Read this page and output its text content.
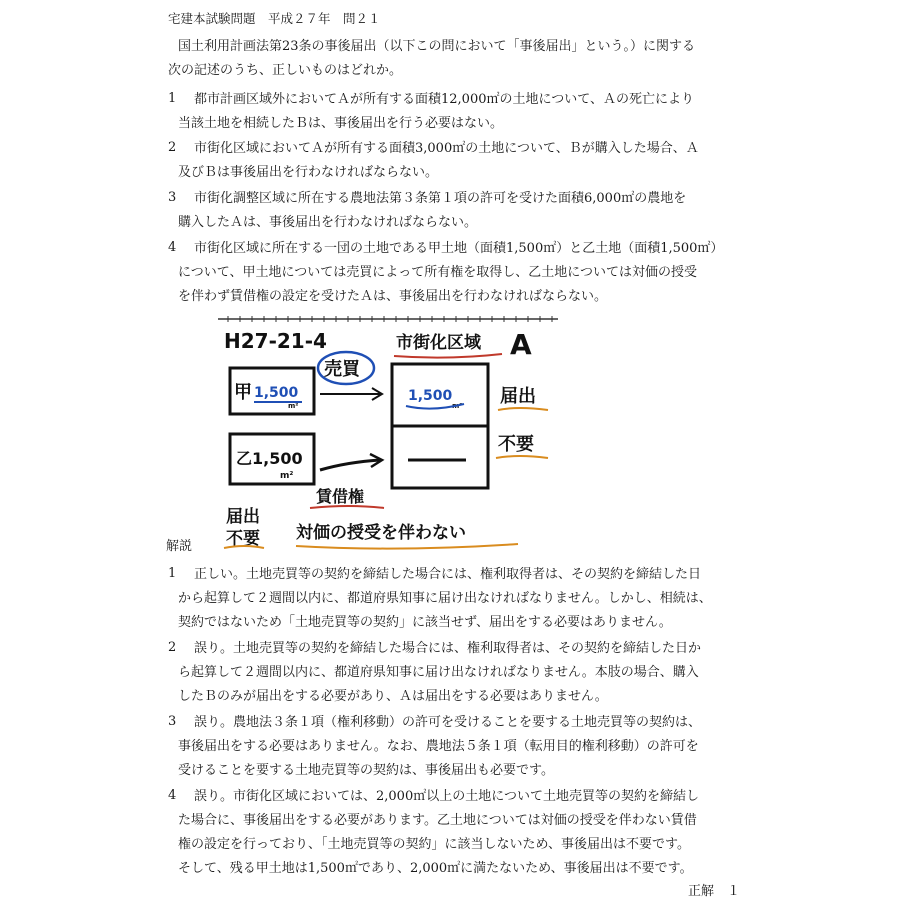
宅建本試験問題　平成２７年　問２１
国土利用計画法第23条の事後届出（以下この問において「事後届出」という。）に関する
次の記述のうち、正しいものはどれか。
1 都市計画区域外においてＡが所有する面積12,000㎡の土地について、Ａの死亡により
当該土地を相続したＢは、事後届出を行う必要はない。
2 市街化区域においてＡが所有する面積3,000㎡の土地について、Ｂが購入した場合、Ａ
及びＢは事後届出を行わなければならない。
3 市街化調整区域に所在する農地法第３条第１項の許可を受けた面積6,000㎡の農地を
購入したＡは、事後届出を行わなければならない。
4 市街化区域に所在する一団の土地である甲土地（面積1,500㎡）と乙土地（面積1,500㎡）
について、甲土地については売買によって所有権を取得し、乙土地については対価の授受
を伴わず賃借権の設定を受けたＡは、事後届出を行わなければならない。
H27-21-4	市街化区域 A
甲 1,500
m²
売買
乙1,500
m²
賃借権
1,500
m² 届出
不要
届出
不要 対価の授受を伴わない
解説
1 正しい。土地売買等の契約を締結した場合には、権利取得者は、その契約を締結した日
から起算して２週間以内に、都道府県知事に届け出なければなりません。しかし、相続は、
契約ではないため「土地売買等の契約」に該当せず、届出をする必要はありません。
2 誤り。土地売買等の契約を締結した場合には、権利取得者は、その契約を締結した日か
ら起算して２週間以内に、都道府県知事に届け出なければなりません。本肢の場合、購入
したＢのみが届出をする必要があり、Ａは届出をする必要はありません。
3 誤り。農地法３条１項（権利移動）の許可を受けることを要する土地売買等の契約は、
事後届出をする必要はありません。なお、農地法５条１項（転用目的権利移動）の許可を
受けることを要する土地売買等の契約は、事後届出も必要です。
4 誤り。市街化区域においては、2,000㎡以上の土地について土地売買等の契約を締結し
た場合に、事後届出をする必要があります。乙土地については対価の授受を伴わない賃借
権の設定を行っており、「土地売買等の契約」に該当しないため、事後届出は不要です。
そして、残る甲土地は1,500㎡であり、2,000㎡に満たないため、事後届出は不要です。
正解　１
